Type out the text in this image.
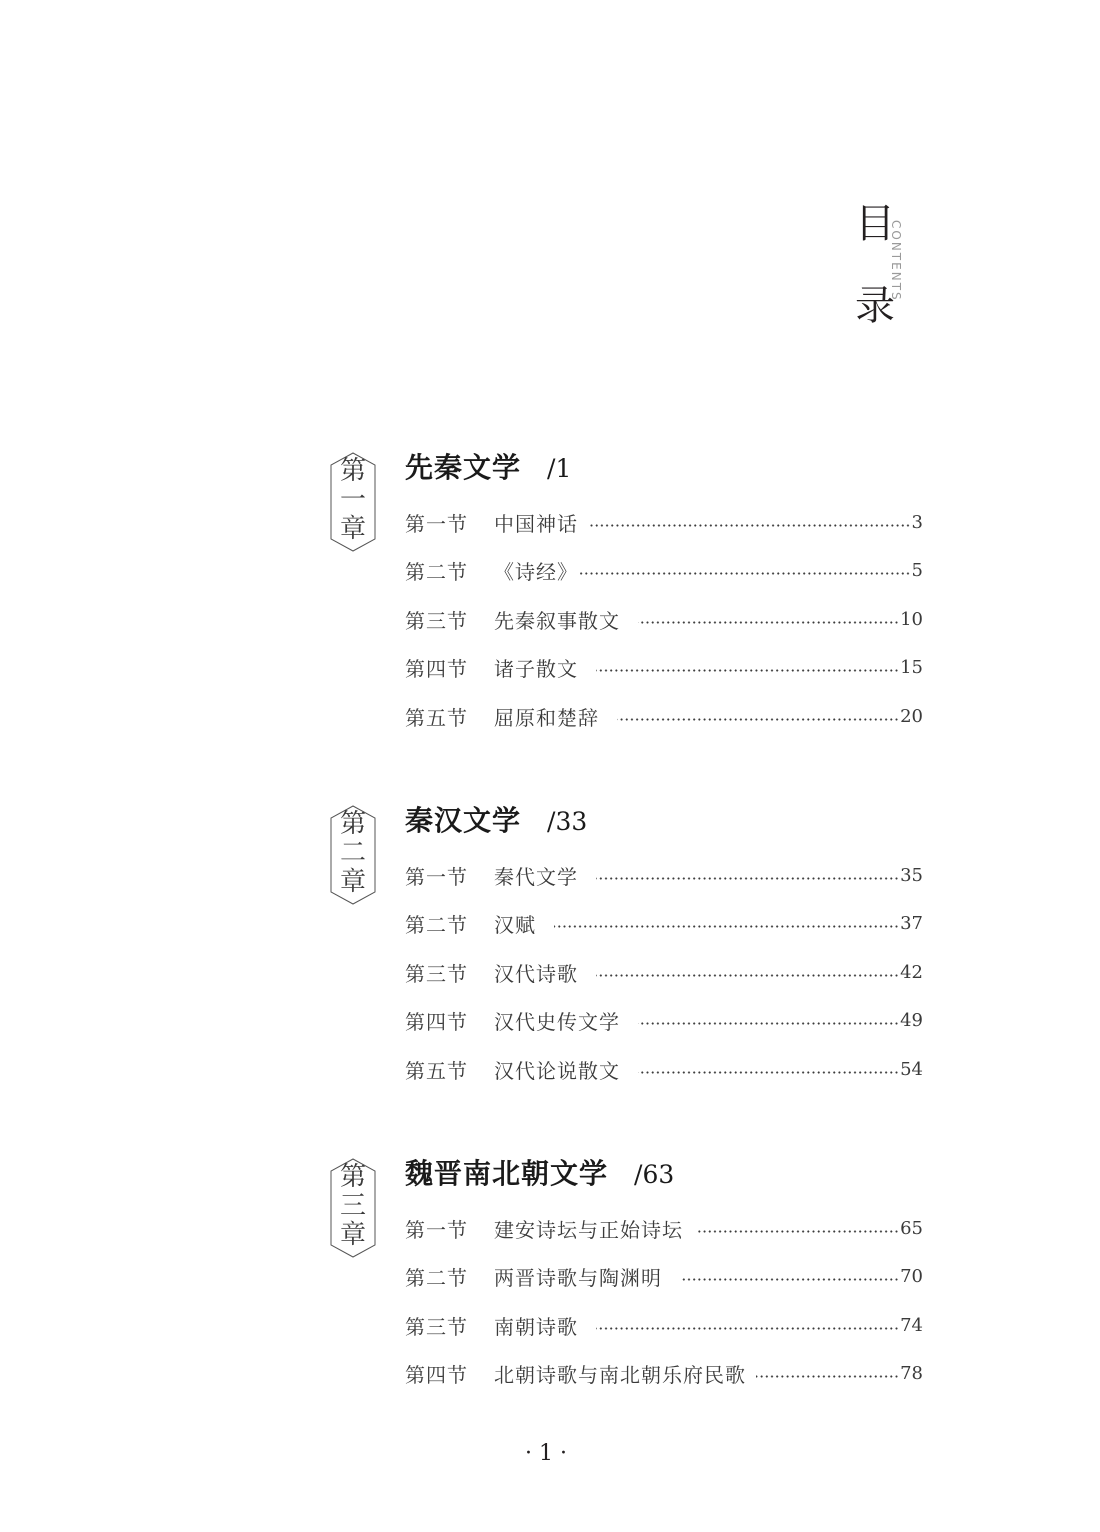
目
录
CONTENTS
第
一
章
先秦文学 /1
第一节	中国神话	3
第二节	《诗经》	5
第三节	先秦叙事散文	10
第四节	诸子散文	15
第五节	屈原和楚辞	20
第
二
章
秦汉文学 /33
第一节	秦代文学	35
第二节	汉赋	37
第三节	汉代诗歌	42
第四节	汉代史传文学	49
第五节	汉代论说散文	54
第
三
章
魏晋南北朝文学 /63
第一节	建安诗坛与正始诗坛	65
第二节	两晋诗歌与陶渊明	70
第三节	南朝诗歌	74
第四节	北朝诗歌与南北朝乐府民歌	78
· 1 ·
